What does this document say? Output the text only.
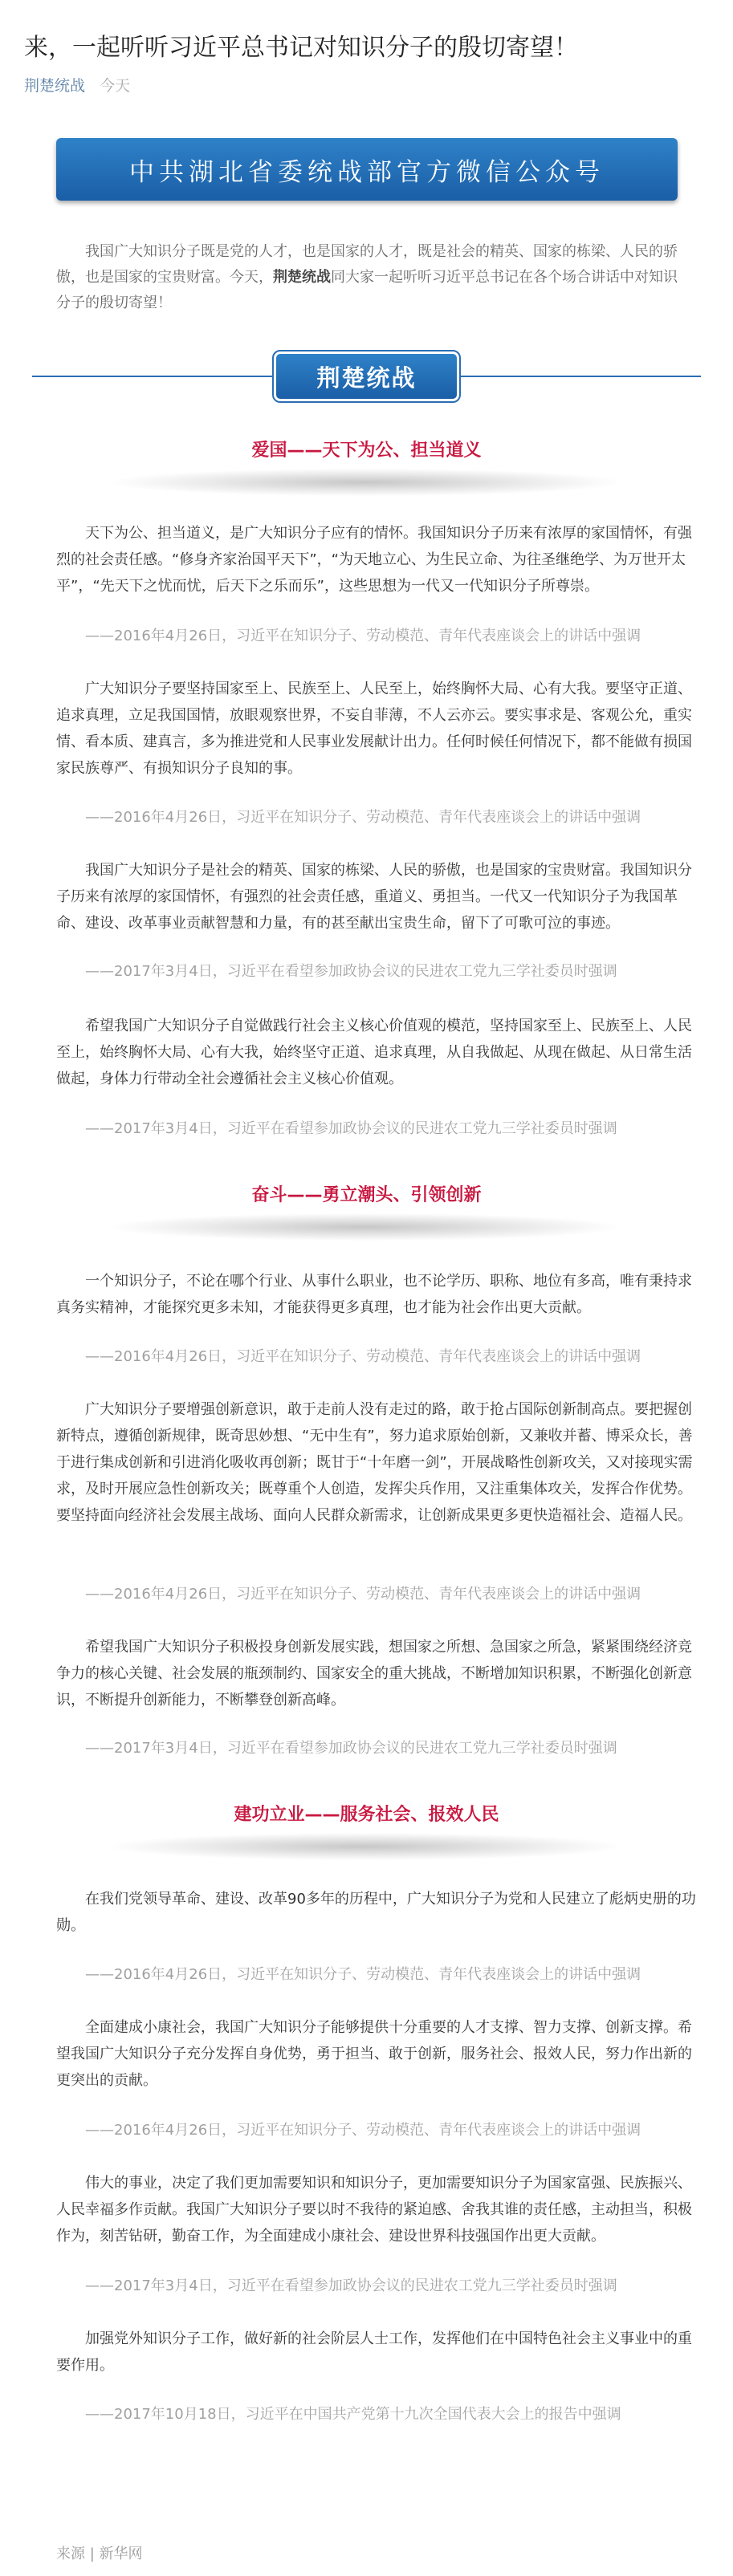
来，一起听听习近平总书记对知识分子的殷切寄望！
荆楚统战 今天
中共湖北省委统战部官方微信公众号
我国广大知识分子既是党的人才，也是国家的人才，既是社会的精英、国家的栋梁、人民的骄傲，也是国家的宝贵财富。今天，荆楚统战同大家一起听听习近平总书记在各个场合讲话中对知识分子的殷切寄望！
荆楚统战
爱国——天下为公、担当道义
天下为公、担当道义，是广大知识分子应有的情怀。我国知识分子历来有浓厚的家国情怀，有强烈的社会责任感。“修身齐家治国平天下”，“为天地立心、为生民立命、为往圣继绝学、为万世开太平”，“先天下之忧而忧，后天下之乐而乐”，这些思想为一代又一代知识分子所尊崇。
——2016年4月26日，习近平在知识分子、劳动模范、青年代表座谈会上的讲话中强调
广大知识分子要坚持国家至上、民族至上、人民至上，始终胸怀大局、心有大我。要坚守正道、追求真理，立足我国国情，放眼观察世界，不妄自菲薄，不人云亦云。要实事求是、客观公允，重实情、看本质、建真言，多为推进党和人民事业发展献计出力。任何时候任何情况下，都不能做有损国家民族尊严、有损知识分子良知的事。
——2016年4月26日，习近平在知识分子、劳动模范、青年代表座谈会上的讲话中强调
我国广大知识分子是社会的精英、国家的栋梁、人民的骄傲，也是国家的宝贵财富。我国知识分子历来有浓厚的家国情怀，有强烈的社会责任感，重道义、勇担当。一代又一代知识分子为我国革命、建设、改革事业贡献智慧和力量，有的甚至献出宝贵生命，留下了可歌可泣的事迹。
——2017年3月4日，习近平在看望参加政协会议的民进农工党九三学社委员时强调
希望我国广大知识分子自觉做践行社会主义核心价值观的模范，坚持国家至上、民族至上、人民至上，始终胸怀大局、心有大我，始终坚守正道、追求真理，从自我做起、从现在做起、从日常生活做起，身体力行带动全社会遵循社会主义核心价值观。
——2017年3月4日，习近平在看望参加政协会议的民进农工党九三学社委员时强调
奋斗——勇立潮头、引领创新
一个知识分子，不论在哪个行业、从事什么职业，也不论学历、职称、地位有多高，唯有秉持求真务实精神，才能探究更多未知，才能获得更多真理，也才能为社会作出更大贡献。
——2016年4月26日，习近平在知识分子、劳动模范、青年代表座谈会上的讲话中强调
广大知识分子要增强创新意识，敢于走前人没有走过的路，敢于抢占国际创新制高点。要把握创新特点，遵循创新规律，既奇思妙想、“无中生有”，努力追求原始创新，又兼收并蓄、博采众长，善于进行集成创新和引进消化吸收再创新；既甘于“十年磨一剑”，开展战略性创新攻关，又对接现实需求，及时开展应急性创新攻关；既尊重个人创造，发挥尖兵作用，又注重集体攻关，发挥合作优势。要坚持面向经济社会发展主战场、面向人民群众新需求，让创新成果更多更快造福社会、造福人民。
——2016年4月26日，习近平在知识分子、劳动模范、青年代表座谈会上的讲话中强调
希望我国广大知识分子积极投身创新发展实践，想国家之所想、急国家之所急，紧紧围绕经济竞争力的核心关键、社会发展的瓶颈制约、国家安全的重大挑战，不断增加知识积累，不断强化创新意识，不断提升创新能力，不断攀登创新高峰。
——2017年3月4日，习近平在看望参加政协会议的民进农工党九三学社委员时强调
建功立业——服务社会、报效人民
在我们党领导革命、建设、改革90多年的历程中，广大知识分子为党和人民建立了彪炳史册的功勋。
——2016年4月26日，习近平在知识分子、劳动模范、青年代表座谈会上的讲话中强调
全面建成小康社会，我国广大知识分子能够提供十分重要的人才支撑、智力支撑、创新支撑。希望我国广大知识分子充分发挥自身优势，勇于担当、敢于创新，服务社会、报效人民，努力作出新的更突出的贡献。
——2016年4月26日，习近平在知识分子、劳动模范、青年代表座谈会上的讲话中强调
伟大的事业，决定了我们更加需要知识和知识分子，更加需要知识分子为国家富强、民族振兴、人民幸福多作贡献。我国广大知识分子要以时不我待的紧迫感、舍我其谁的责任感，主动担当，积极作为，刻苦钻研，勤奋工作，为全面建成小康社会、建设世界科技强国作出更大贡献。
——2017年3月4日，习近平在看望参加政协会议的民进农工党九三学社委员时强调
加强党外知识分子工作，做好新的社会阶层人士工作，发挥他们在中国特色社会主义事业中的重要作用。
——2017年10月18日，习近平在中国共产党第十九次全国代表大会上的报告中强调
来源 | 新华网
